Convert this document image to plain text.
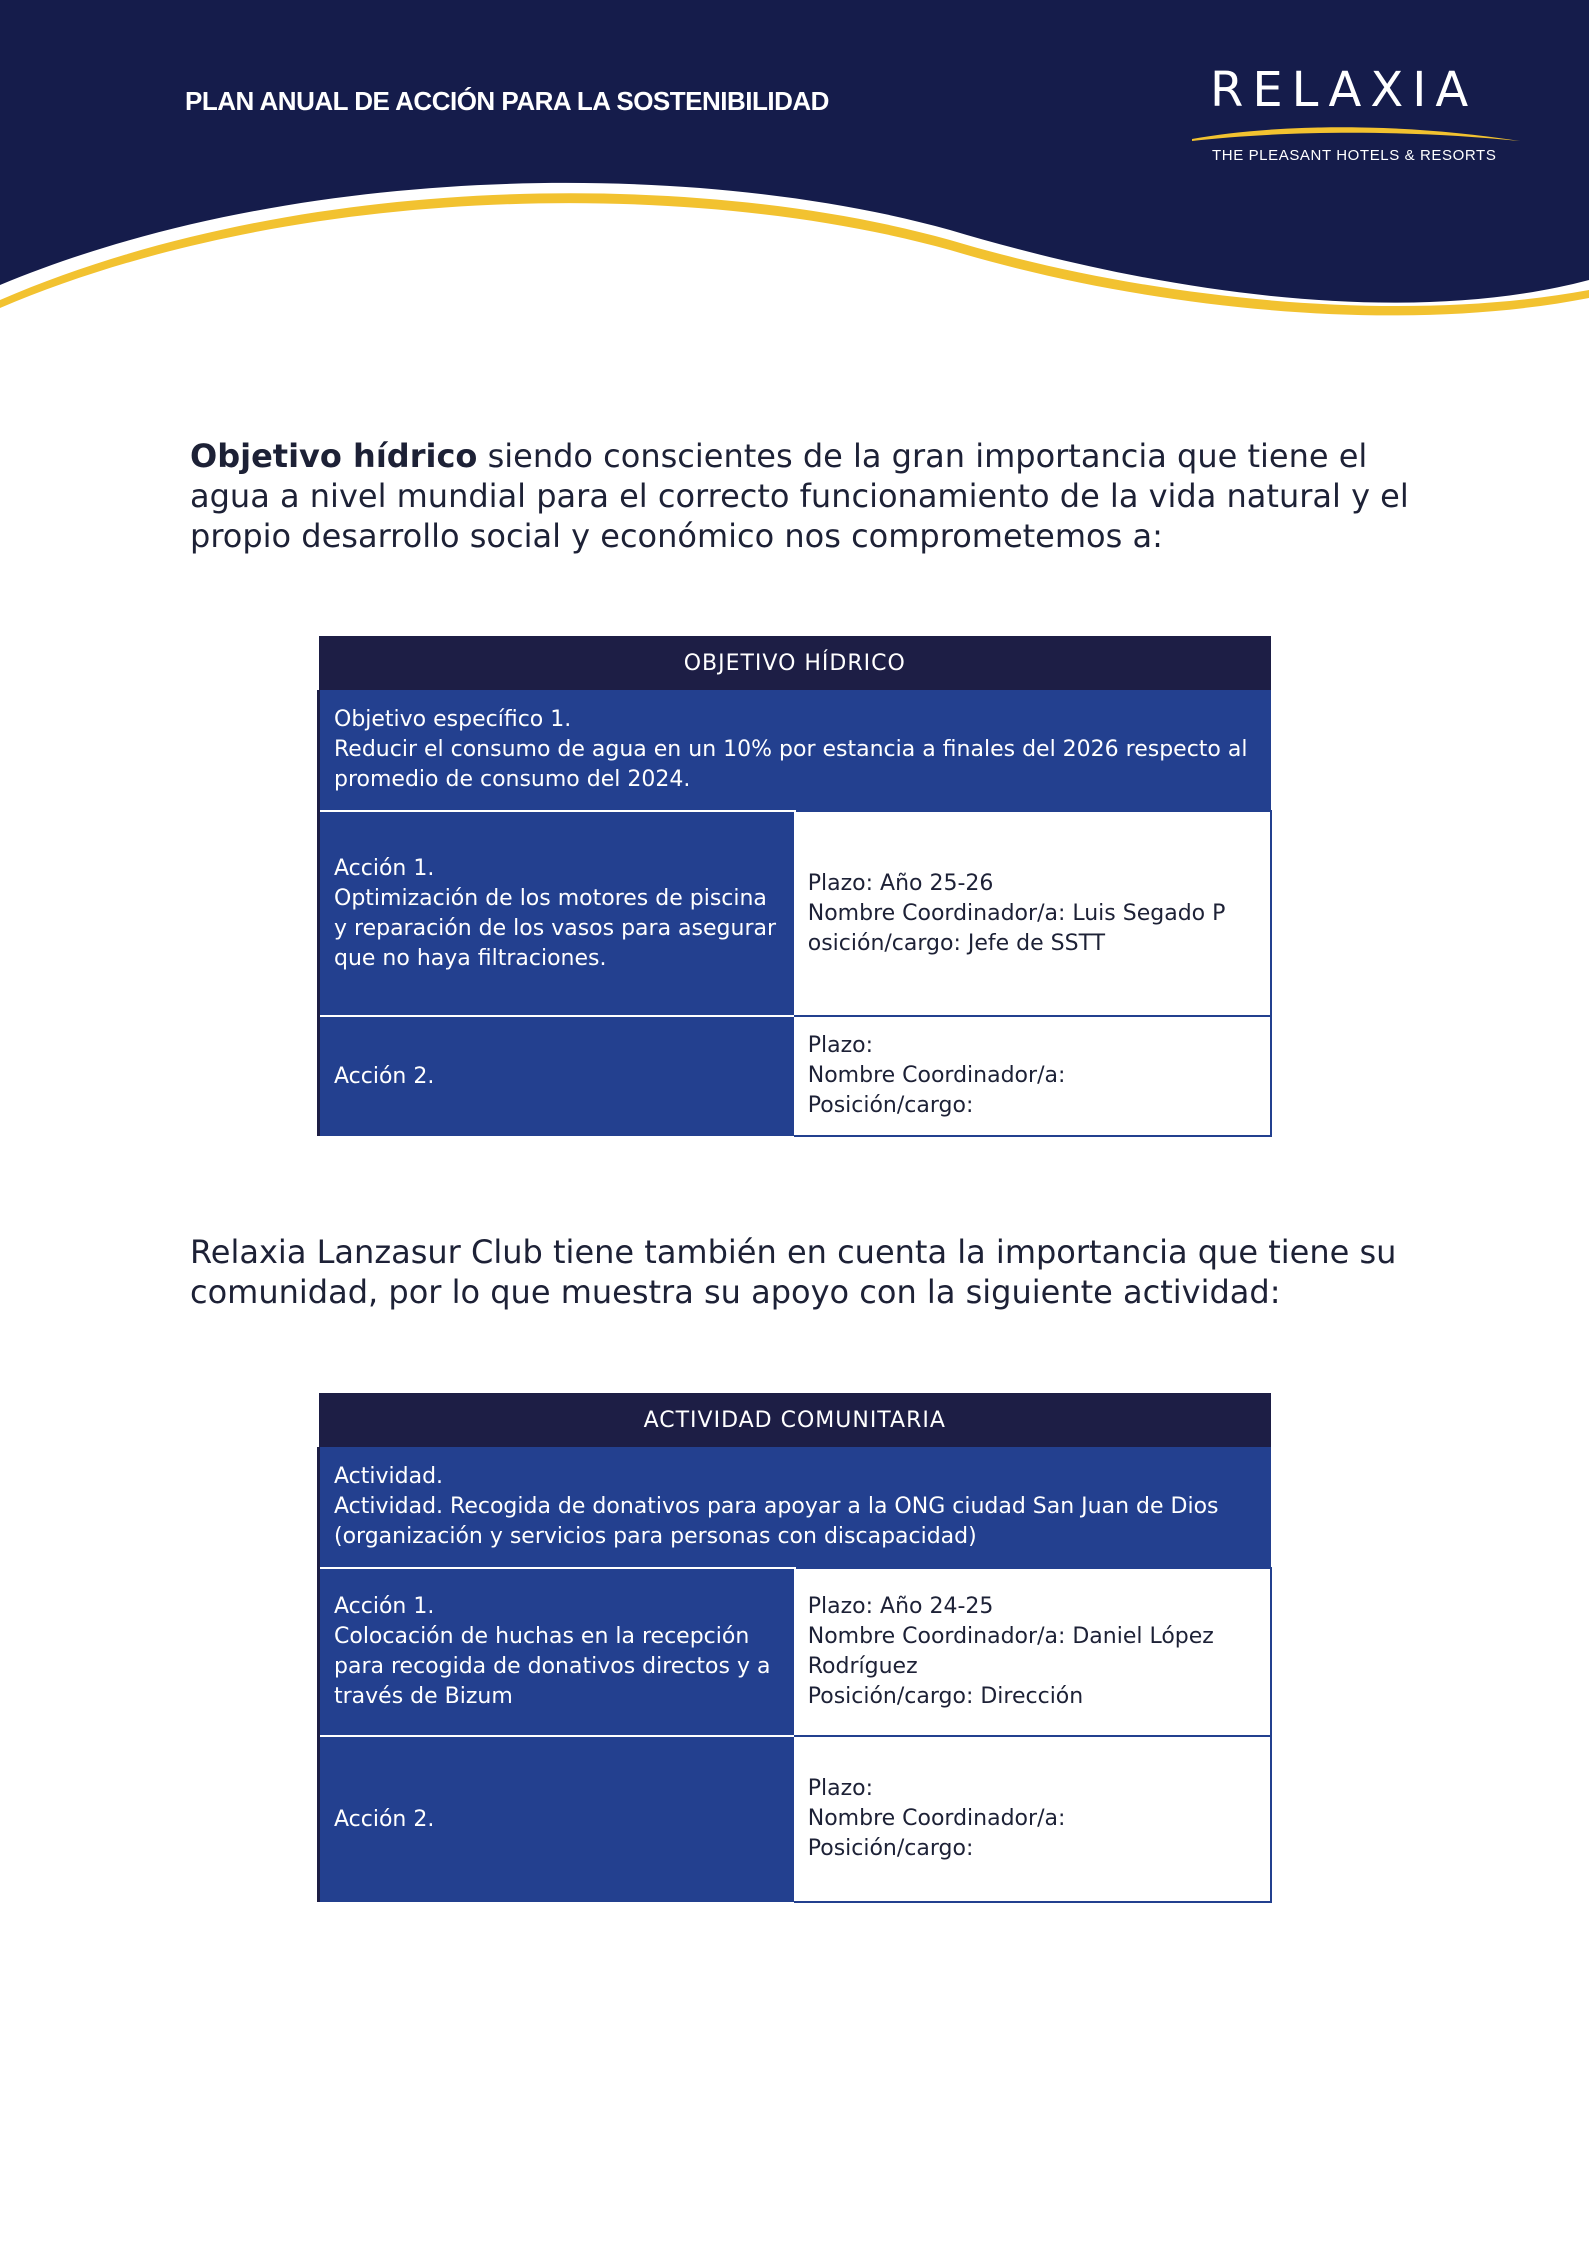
PLAN ANUAL DE ACCIÓN PARA LA SOSTENIBILIDAD	RELAXIA
THE PLEASANT HOTELS & RESORTS

Objetivo hídrico siendo conscientes de la gran importancia que tiene el agua a nivel mundial para el correcto funcionamiento de la vida natural y el propio desarrollo social y económico nos comprometemos a:

OBJETIVO HÍDRICO	

Objetivo específico 1.
Reducir el consumo de agua en un 10% por estancia a finales del 2026 respecto al promedio de consumo del 2024.	

Acción 1.
Optimización de los motores de piscina y reparación de los vasos para asegurar que no haya filtraciones.	Plazo: Año 25-26
Nombre Coordinador/a: Luis Segado P
osición/cargo: Jefe de SSTT

Acción 2.	Plazo:
Nombre Coordinador/a:
Posición/cargo:

Relaxia Lanzasur Club tiene también en cuenta la importancia que tiene su comunidad, por lo que muestra su apoyo con la siguiente actividad:

ACTIVIDAD COMUNITARIA	

Actividad.
Actividad. Recogida de donativos para apoyar a la ONG ciudad San Juan de Dios (organización y servicios para personas con discapacidad)	

Acción 1.
Colocación de huchas en la recepción para recogida de donativos directos y a través de Bizum	Plazo: Año 24-25
Nombre Coordinador/a: Daniel López Rodríguez
Posición/cargo: Dirección

Acción 2.	Plazo:
Nombre Coordinador/a:
Posición/cargo:
